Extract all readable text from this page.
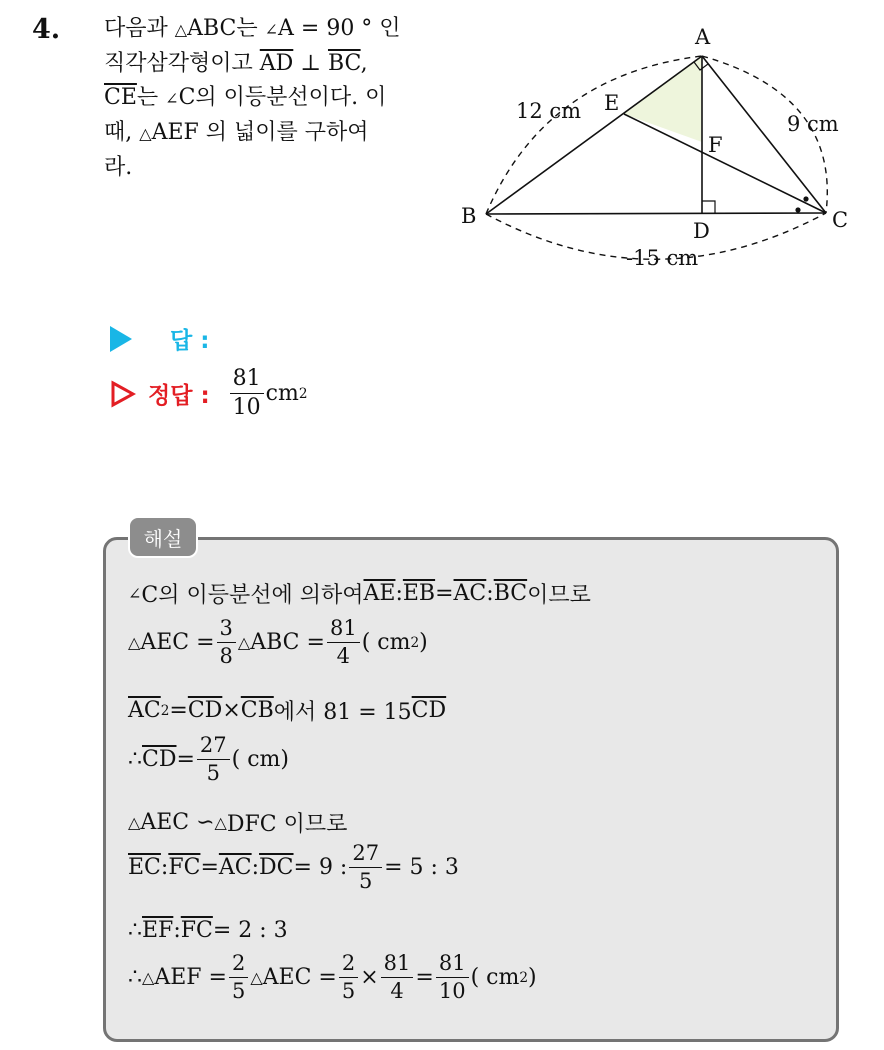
4. 다음과 △ABC는 ∠A = 90 ° 인
직각삼각형이고 $\overline{AD}$ ⊥ $\overline{BC}$,
$\overline{CE}$는 ∠C의 이등분선이다. 이
때, △AEF 의 넓이를 구하여
라.
A
B	C
D
E
F
12 cm
9 cm
-15 cm
답 :
정답 : $\frac{81}{10}$ cm 2
∠ C의 이등분선에 의하여 $\overline{AE}$ : $\overline{EB} = \overline{AC}$ : $\overline{BC}$ 이므로
△ AEC = $\frac{3}{8}$ △ ABC = $\frac{81}{4}$ ( cm 2 )
$\overline{AC}$ $2 = \overline{CD} \times \overline{CB}$ 에서 81 = 15 $\overline{CD}$
∴ $\overline{CD} = \frac{27}{5}$ ( cm)
△ AEC ∽ △ DFC 이므로
$\overline{EC}$ : $\overline{FC} = \overline{AC}$ : $\overline{DC} = 9$ : $\frac{27}{5} = 5$ : 3
∴ $\overline{EF}$ : $\overline{FC} = 2$ : 3
∴ △ AEF = $\frac{2}{5}$ △ AEC = $\frac{2}{5} \times \frac{81}{4} = \frac{81}{10}$ ( cm 2 )
해설
